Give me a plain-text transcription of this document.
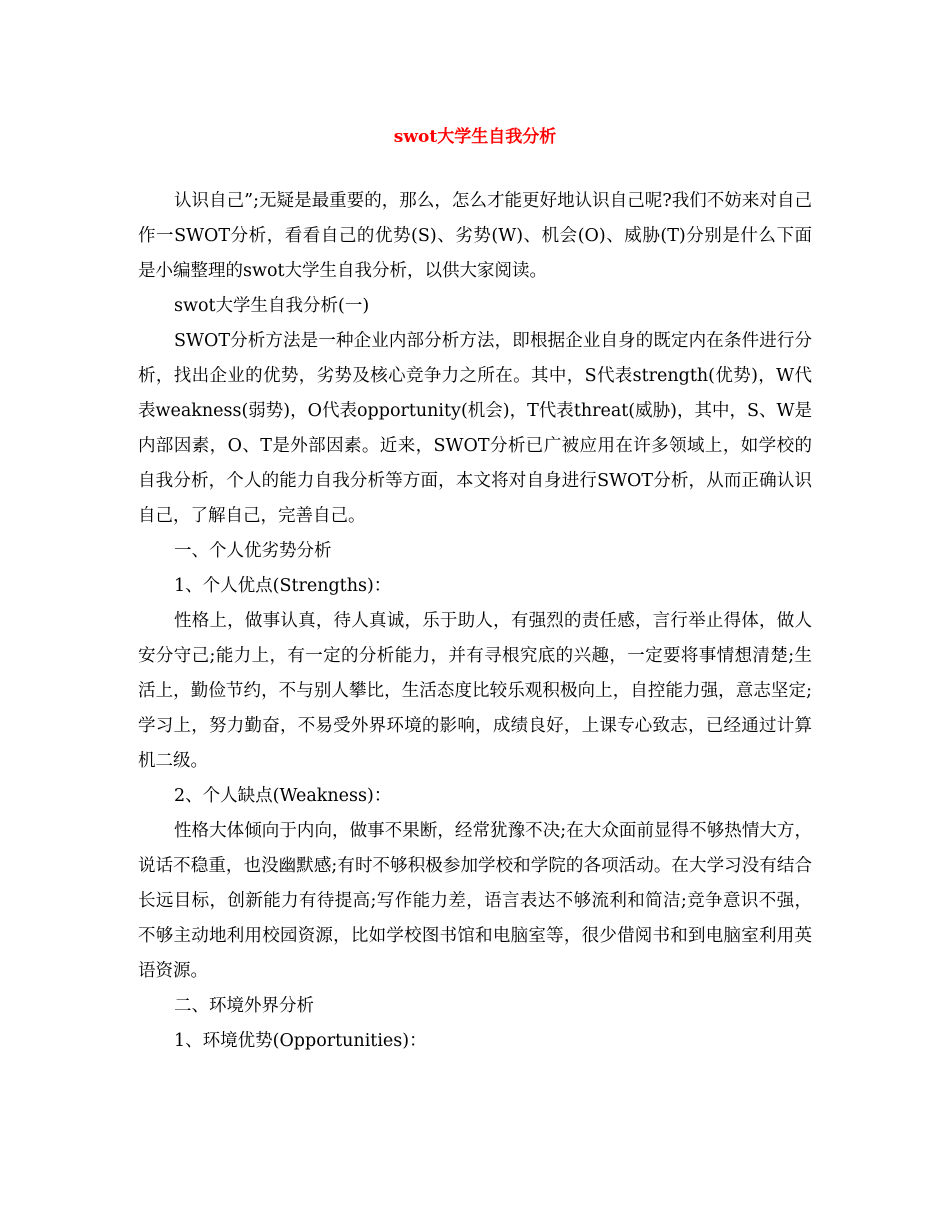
swot大学生自我分析

认识自己”;无疑是最重要的，那么，怎么才能更好地认识自己呢?我们不妨来对自己作一SWOT分析，看看自己的优势(S)、劣势(W)、机会(O)、威胁(T)分别是什么下面是小编整理的swot大学生自我分析，以供大家阅读。

swot大学生自我分析(一)

SWOT分析方法是一种企业内部分析方法，即根据企业自身的既定内在条件进行分析，找出企业的优势，劣势及核心竞争力之所在。其中，S代表strength(优势)，W代表weakness(弱势)，O代表opportunity(机会)，T代表threat(威胁)，其中，S、W是内部因素，O、T是外部因素。近来，SWOT分析已广被应用在许多领域上，如学校的自我分析，个人的能力自我分析等方面，本文将对自身进行SWOT分析，从而正确认识自己，了解自己，完善自己。

一、个人优劣势分析

1、个人优点(Strengths)：

性格上，做事认真，待人真诚，乐于助人，有强烈的责任感，言行举止得体，做人安分守己;能力上，有一定的分析能力，并有寻根究底的兴趣，一定要将事情想清楚;生活上，勤俭节约，不与别人攀比，生活态度比较乐观积极向上，自控能力强，意志坚定;学习上，努力勤奋，不易受外界环境的影响，成绩良好，上课专心致志，已经通过计算机二级。

2、个人缺点(Weakness)：

性格大体倾向于内向，做事不果断，经常犹豫不决;在大众面前显得不够热情大方，说话不稳重，也没幽默感;有时不够积极参加学校和学院的各项活动。在大学习没有结合长远目标，创新能力有待提高;写作能力差，语言表达不够流利和简洁;竞争意识不强，不够主动地利用校园资源，比如学校图书馆和电脑室等，很少借阅书和到电脑室利用英语资源。

二、环境外界分析

1、环境优势(Opportunities)：
